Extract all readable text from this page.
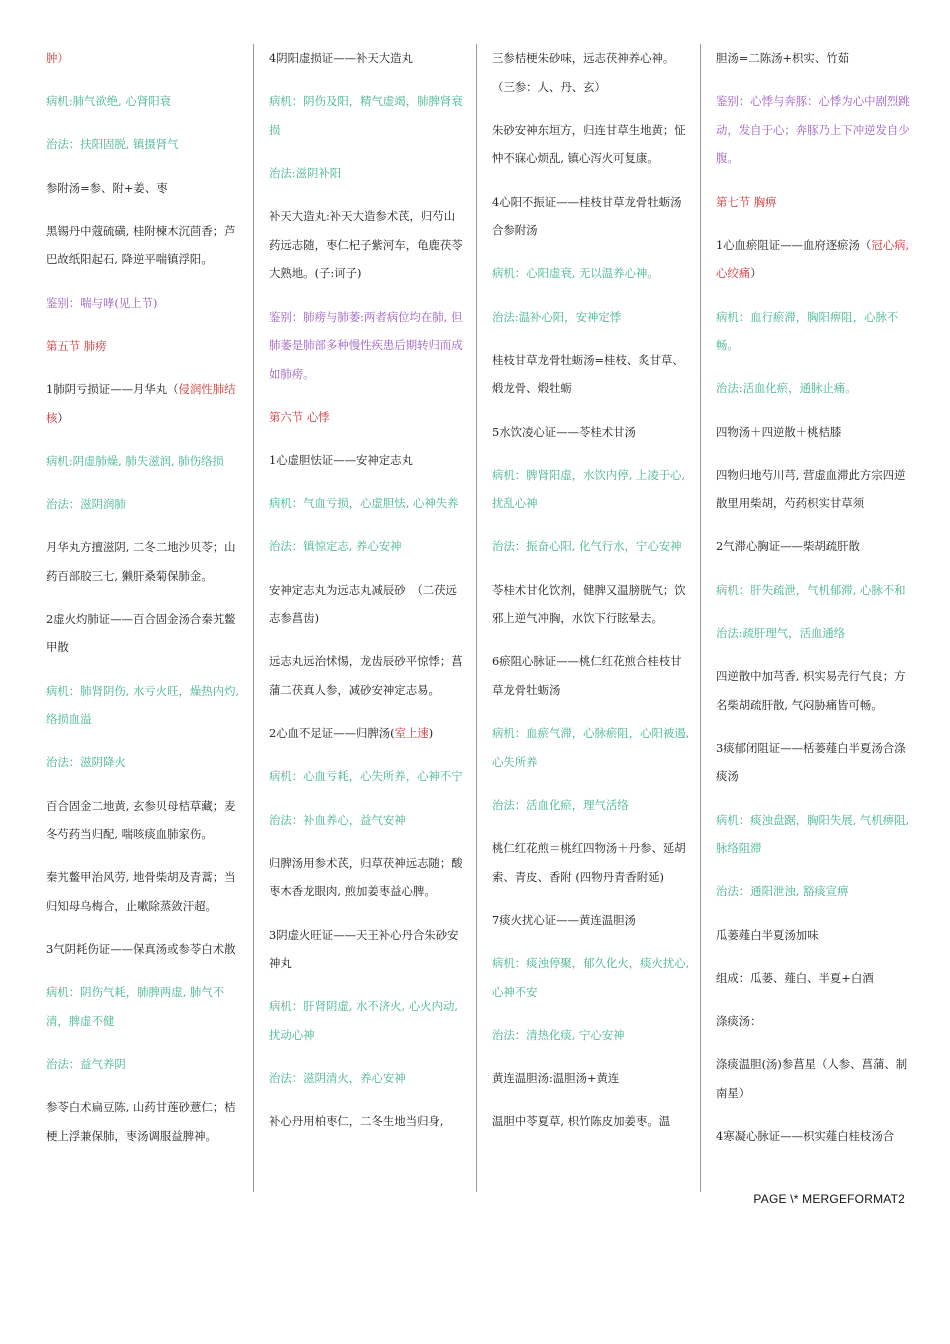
肿）

病机:肺气欲绝, 心肾阳衰

治法：扶阳固脱, 镇摄肾气

参附汤=参、附+姜、枣

黑锡丹中蔻硫磺, 桂附楝木沉茴香；芦巴故纸阳起石, 降逆平喘镇浮阳。

鉴别：喘与哮(见上节)

第五节 肺痨

1肺阴亏损证——月华丸（侵润性肺结核）

病机:阴虚肺燥, 肺失滋润, 肺伤络损

治法：滋阴润肺

月华丸方擅滋阴, 二冬二地沙贝苓；山药百部胶三七, 獭肝桑菊保肺金。

2虚火灼肺证——百合固金汤合秦艽鳖甲散

病机：肺肾阴伤, 水亏火旺，燥热内灼, 络损血溢

治法：滋阴降火

百合固金二地黄, 玄参贝母桔草藏；麦冬芍药当归配, 喘咳痰血肺家伤。

秦艽鳖甲治风劳, 地骨柴胡及青蒿；当归知母乌梅合，止嗽除蒸敛汗超。

3气阴耗伤证——保真汤或参苓白术散

病机：阴伤气耗，肺脾两虚, 肺气不清，脾虚不健

治法：益气养阴

参苓白术扁豆陈, 山药甘莲砂薏仁；桔梗上浮兼保肺，枣汤调服益脾神。

4阴阳虚损证——补天大造丸

病机：阴伤及阳，精气虚竭，肺脾肾衰损

治法:滋阴补阳

补天大造丸:补天大造参术芪，归芍山药远志随，枣仁杞子紫河车，龟鹿茯苓大熟地。(子:诃子)

鉴别：肺痨与肺萎:两者病位均在肺, 但肺萎是肺部多种慢性疾患后期转归而成如肺痨。

第六节 心悸

1心虚胆怯证——安神定志丸

病机：气血亏损，心虚胆怯, 心神失养

治法：镇惊定志, 养心安神

安神定志丸为远志丸减辰砂　（二茯远志参菖齿)

远志丸远治怵惕，龙齿辰砂平惊悸；菖蒲二茯真人参，减砂安神定志易。

2心血不足证——归脾汤(室上速)

病机：心血亏耗，心失所养，心神不宁

治法：补血养心，益气安神

归脾汤用参术芪，归草茯神远志随；酸枣木香龙眼肉, 煎加姜枣益心脾。

3阴虚火旺证——天王补心丹合朱砂安神丸

病机：肝肾阴虚, 水不济火, 心火内动, 扰动心神

治法：滋阴清火，养心安神

补心丹用柏枣仁，二冬生地当归身,

三参桔梗朱砂味，远志茯神养心神。（三参：人、丹、玄）

朱砂安神东垣方，归连甘草生地黄；怔忡不寐心烦乱, 镇心泻火可复康。

4心阳不振证——桂枝甘草龙骨牡蛎汤合参附汤

病机：心阳虚衰, 无以温养心神。

治法:温补心阳，安神定悸

桂枝甘草龙骨牡蛎汤=桂枝、炙甘草、煅龙骨、煅牡蛎

5水饮凌心证——苓桂术甘汤

病机：脾肾阳虚，水饮内停, 上凌于心, 扰乱心神

治法：振奋心阳, 化气行水，宁心安神

苓桂术甘化饮剂，健脾又温膀胱气；饮邪上逆气冲胸，水饮下行眩晕去。

6瘀阻心脉证——桃仁红花煎合桂枝甘草龙骨牡蛎汤

病机：血瘀气滞，心脉瘀阻，心阳被遏, 心失所养

治法：活血化瘀，理气活络

桃仁红花煎＝桃红四物汤＋丹参、延胡索、青皮、香附 (四物丹青香附延)

7痰火扰心证——黄连温胆汤

病机：痰浊停聚，郁久化火，痰火扰心, 心神不安

治法：清热化痰, 宁心安神

黄连温胆汤:温胆汤+黄连

温胆中苓夏草, 枳竹陈皮加姜枣。温

胆汤=二陈汤+枳实、竹茹

鉴别：心悸与奔豚：心悸为心中剧烈跳动，发自于心；奔豚乃上下冲逆发自少腹。

第七节 胸痹

1心血瘀阻证——血府逐瘀汤（冠心病, 心绞痛）

病机：血行瘀滞，胸阳痹阻，心脉不畅。

治法:活血化瘀，通脉止痛。

四物汤＋四逆散＋桃桔膝

四物归地芍川芎, 营虚血滞此方宗四逆散里用柴胡，芍药枳实甘草须

2气滞心胸证——柴胡疏肝散

病机：肝失疏泄，气机郁滞, 心脉不和

治法:疏肝理气，活血通络

四逆散中加芎香, 枳实易壳行气良；方名柴胡疏肝散, 气闷胁痛皆可畅。

3痰郁闭阻证——栝蒌薤白半夏汤合涤痰汤

病机：痰浊盘踞，胸阳失展, 气机痹阻, 脉络阻滞

治法：通阳泄浊, 豁痰宣痹

瓜蒌薤白半夏汤加味

组成：瓜蒌、薤白、半夏+白酒

涤痰汤：

涤痰温胆(汤)参菖星（人参、菖蒲、制南星）

4寒凝心脉证——枳实薤白桂枝汤合

PAGE \* MERGEFORMAT2
